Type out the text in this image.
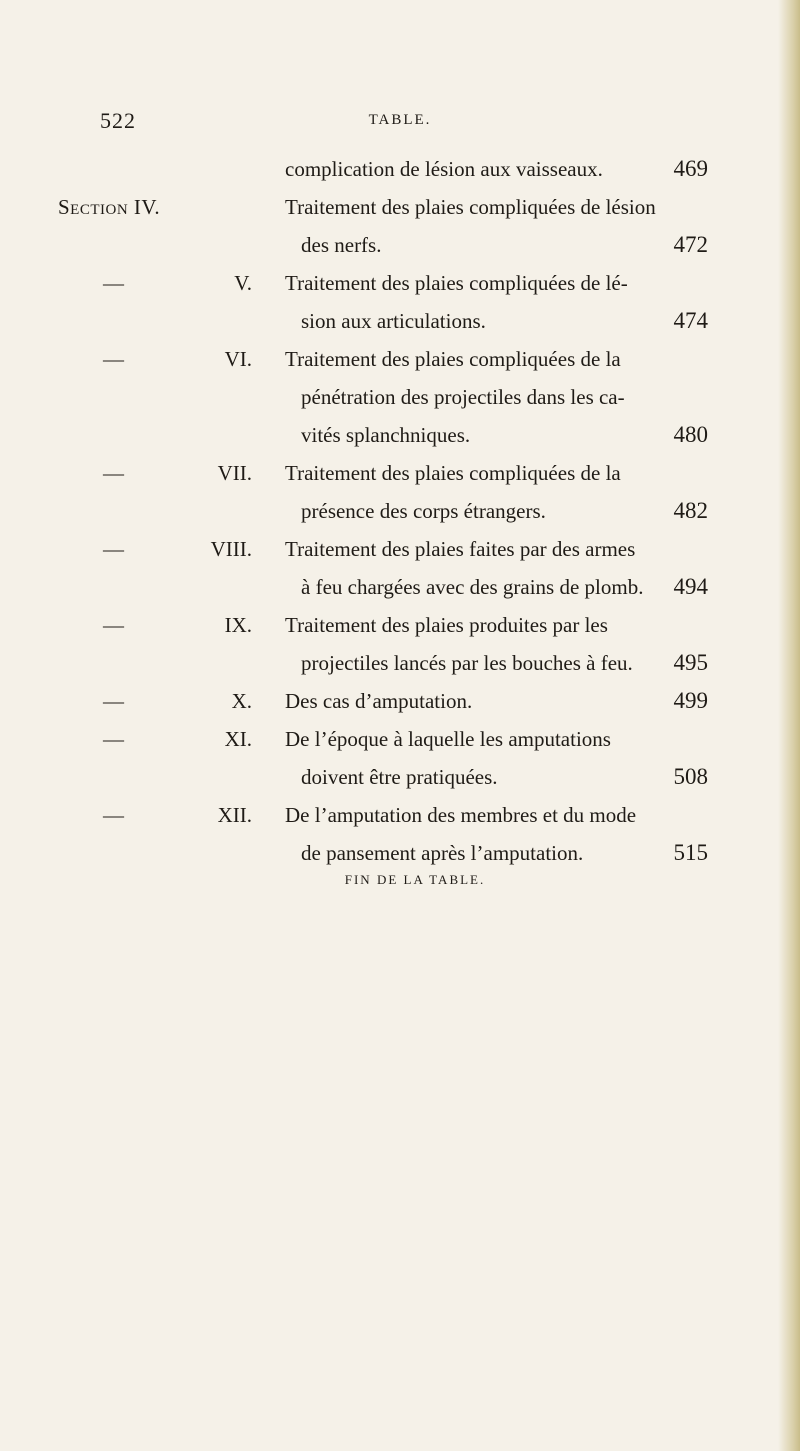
522	TABLE.
complication de lésion aux vaisseaux.	469
Section IV.	Traitement des plaies compliquées de lésion
des nerfs.	472
—	V. Traitement des plaies compliquées de lé-
sion aux articulations.	474
—	VI. Traitement des plaies compliquées de la
pénétration des projectiles dans les ca-
vités splanchniques.	480
—	VII. Traitement des plaies compliquées de la
présence des corps étrangers.	482
—	VIII. Traitement des plaies faites par des armes
à feu chargées avec des grains de plomb. 494
—	IX. Traitement des plaies produites par les
projectiles lancés par les bouches à feu. 495
—	X. Des cas d’amputation.	499
—	XI. De l’époque à laquelle les amputations
doivent être pratiquées.	508
—	XII. De l’amputation des membres et du mode
de pansement après l’amputation.	515
FIN DE LA TABLE.
